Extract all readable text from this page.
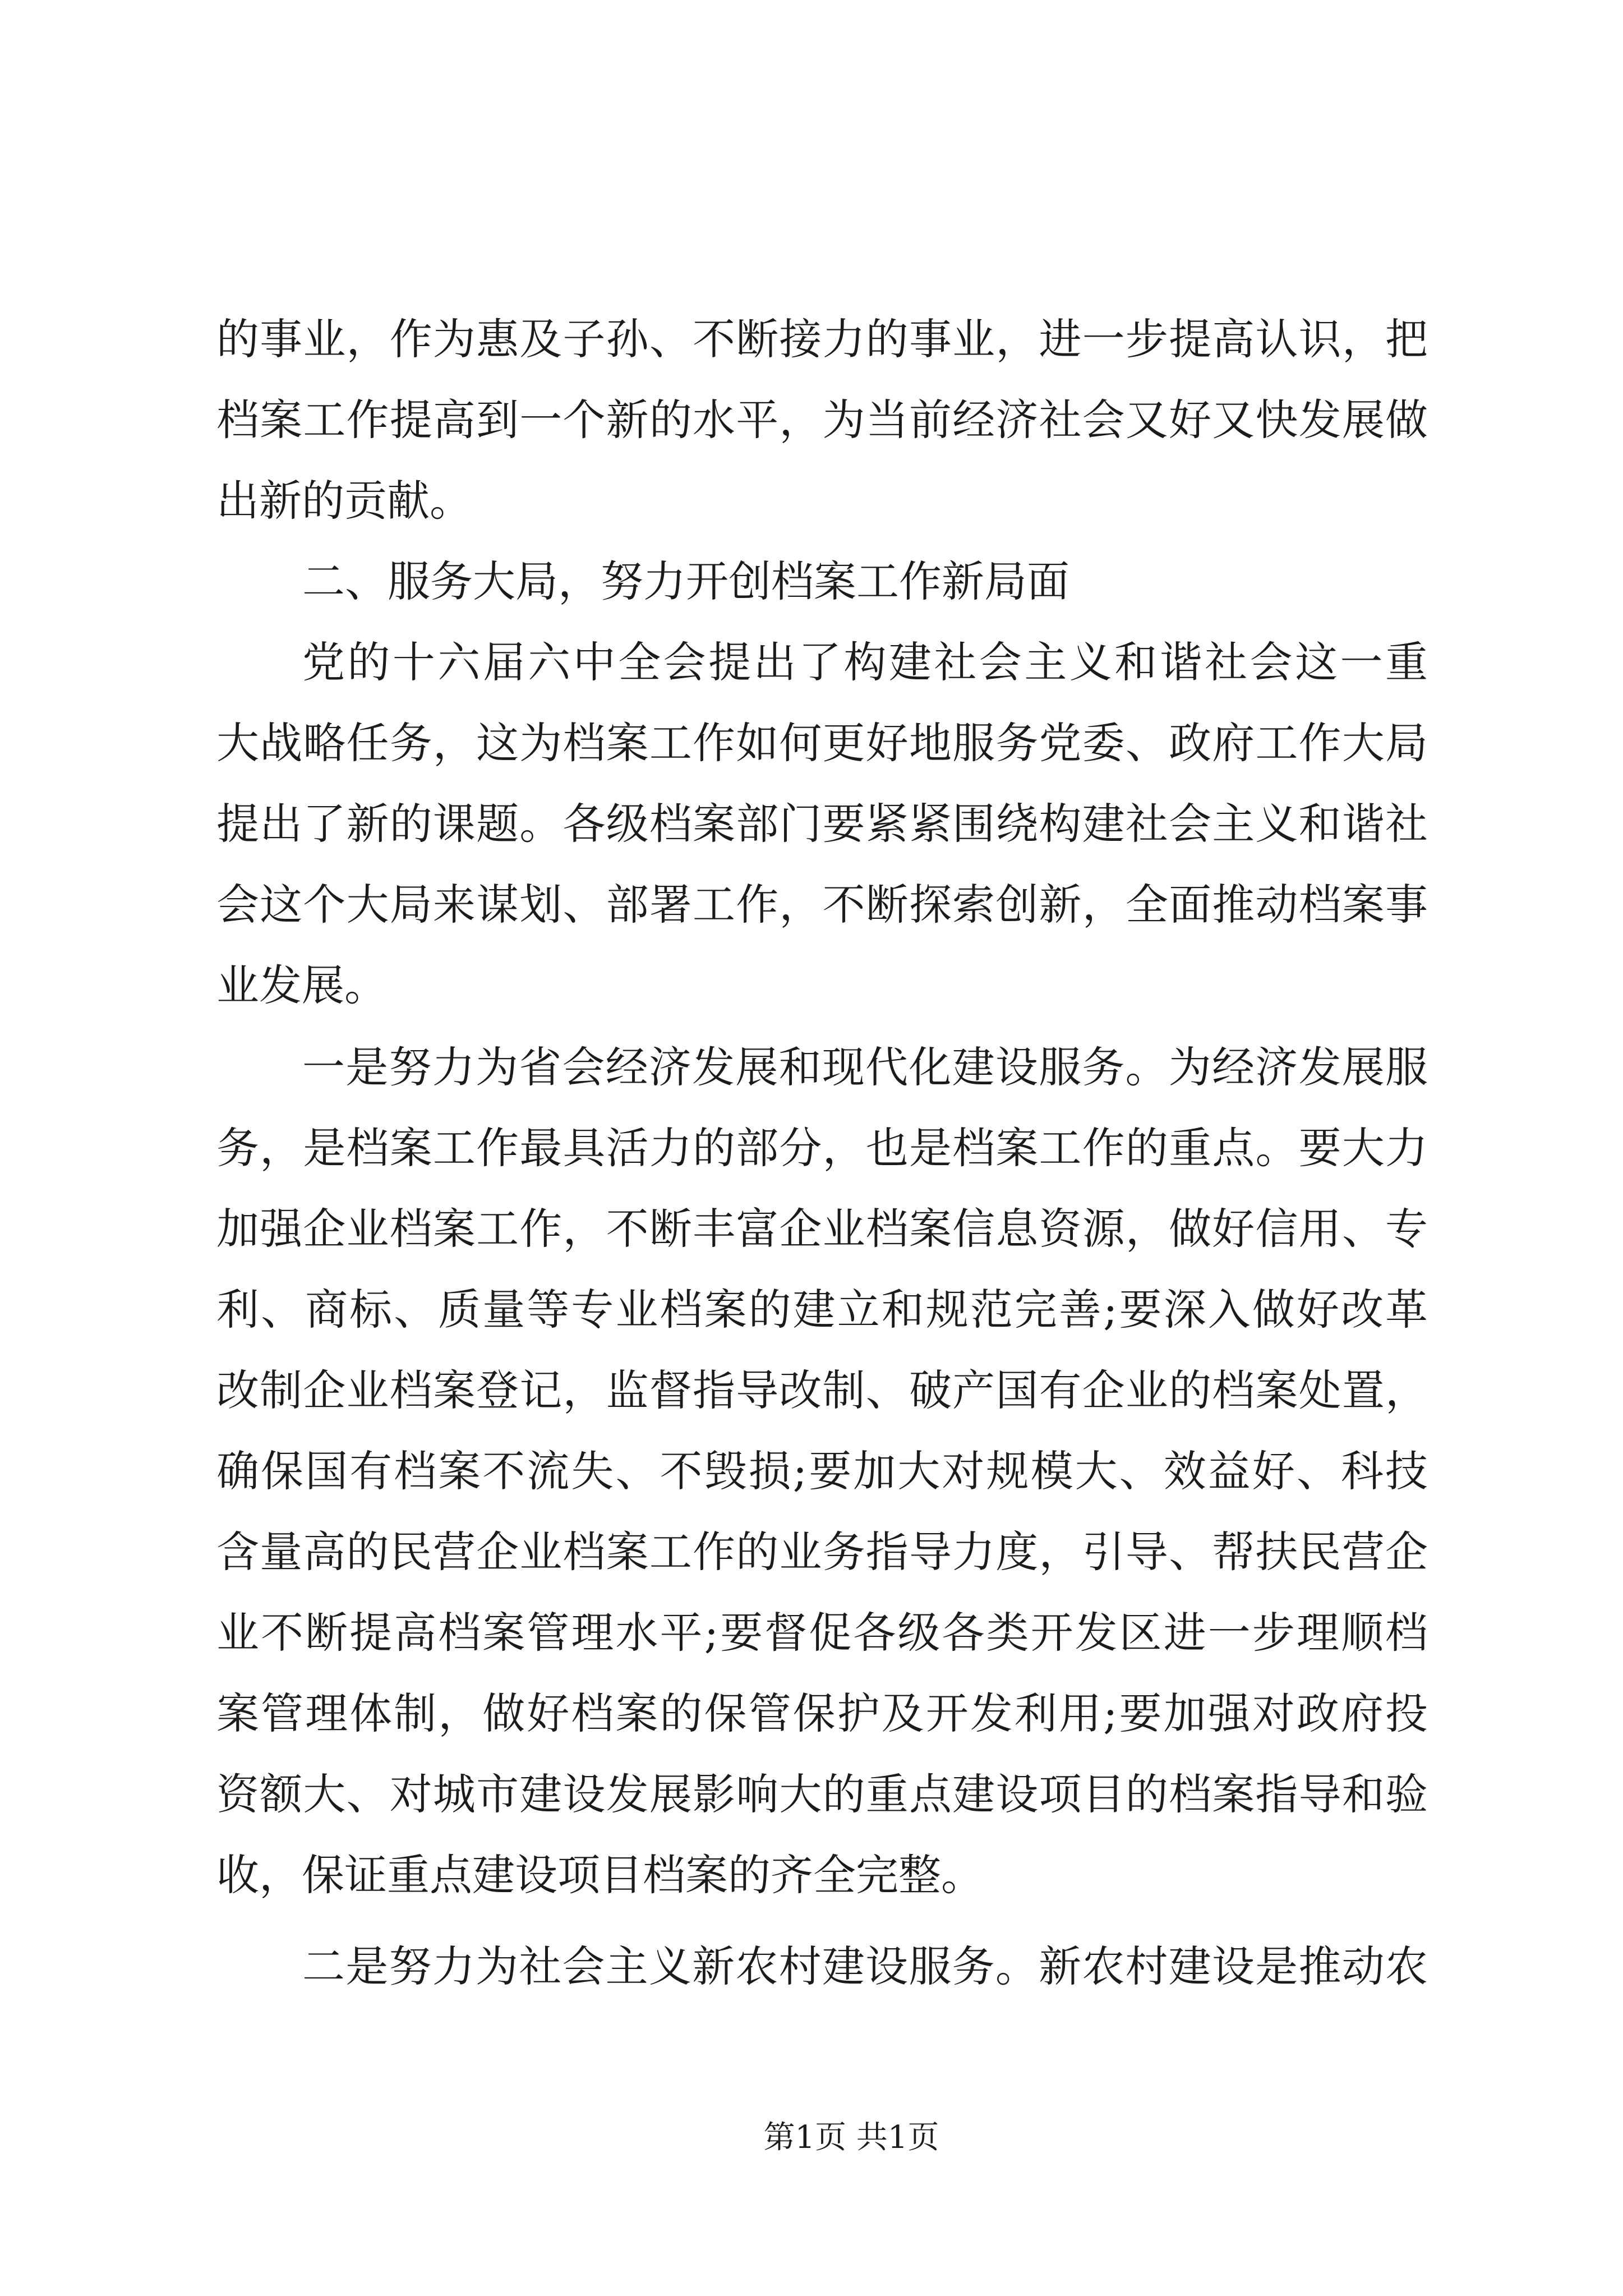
的事业，作为惠及子孙、不断接力的事业，进一步提高认识，把
档案工作提高到一个新的水平，为当前经济社会又好又快发展做
出新的贡献。
二、服务大局，努力开创档案工作新局面
党的十六届六中全会提出了构建社会主义和谐社会这一重
大战略任务，这为档案工作如何更好地服务党委、政府工作大局
提出了新的课题。各级档案部门要紧紧围绕构建社会主义和谐社
会这个大局来谋划、部署工作，不断探索创新，全面推动档案事
业发展。
一是努力为省会经济发展和现代化建设服务。为经济发展服
务，是档案工作最具活力的部分，也是档案工作的重点。要大力
加强企业档案工作，不断丰富企业档案信息资源，做好信用、专
利、商标、质量等专业档案的建立和规范完善;要深入做好改革
改制企业档案登记，监督指导改制、破产国有企业的档案处置，
确保国有档案不流失、不毁损;要加大对规模大、效益好、科技
含量高的民营企业档案工作的业务指导力度，引导、帮扶民营企
业不断提高档案管理水平;要督促各级各类开发区进一步理顺档
案管理体制，做好档案的保管保护及开发利用;要加强对政府投
资额大、对城市建设发展影响大的重点建设项目的档案指导和验
收，保证重点建设项目档案的齐全完整。
二是努力为社会主义新农村建设服务。新农村建设是推动农
第1页 共1页
